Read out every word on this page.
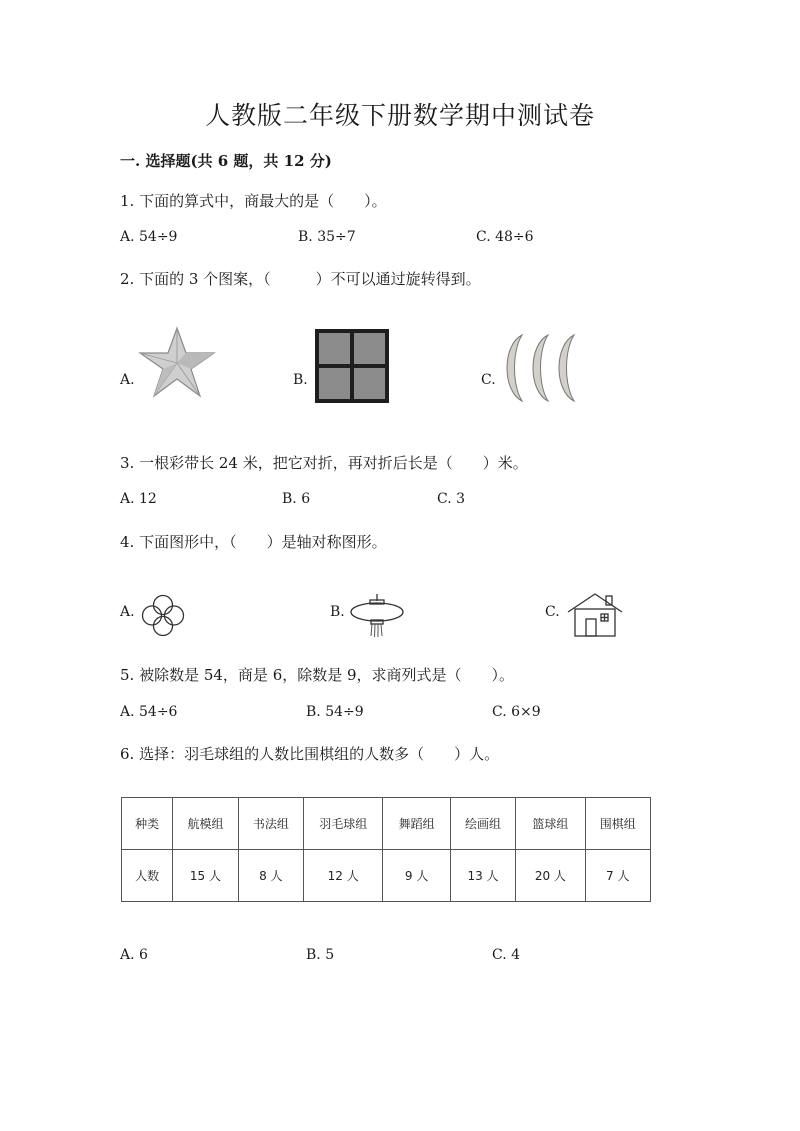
人教版二年级下册数学期中测试卷
一. 选择题(共 6 题，共 12 分)
1. 下面的算式中，商最大的是（　　）。
A. 54÷9	B. 35÷7	C. 48÷6
2. 下面的 3 个图案，（　　　）不可以通过旋转得到。
A.	B.	C.
3. 一根彩带长 24 米，把它对折，再对折后长是（　　）米。
A. 12	B. 6	C. 3
4. 下面图形中，（　　）是轴对称图形。
A.	B.	C.
5. 被除数是 54，商是 6，除数是 9，求商列式是（　　）。
A. 54÷6	B. 54÷9	C. 6×9
6. 选择：羽毛球组的人数比围棋组的人数多（　　）人。
种类	航模组	书法组	羽毛球组	舞蹈组	绘画组	篮球组	围棋组
人数	15 人	8 人	12 人	9 人	13 人	20 人	7 人
A. 6	B. 5	C. 4
